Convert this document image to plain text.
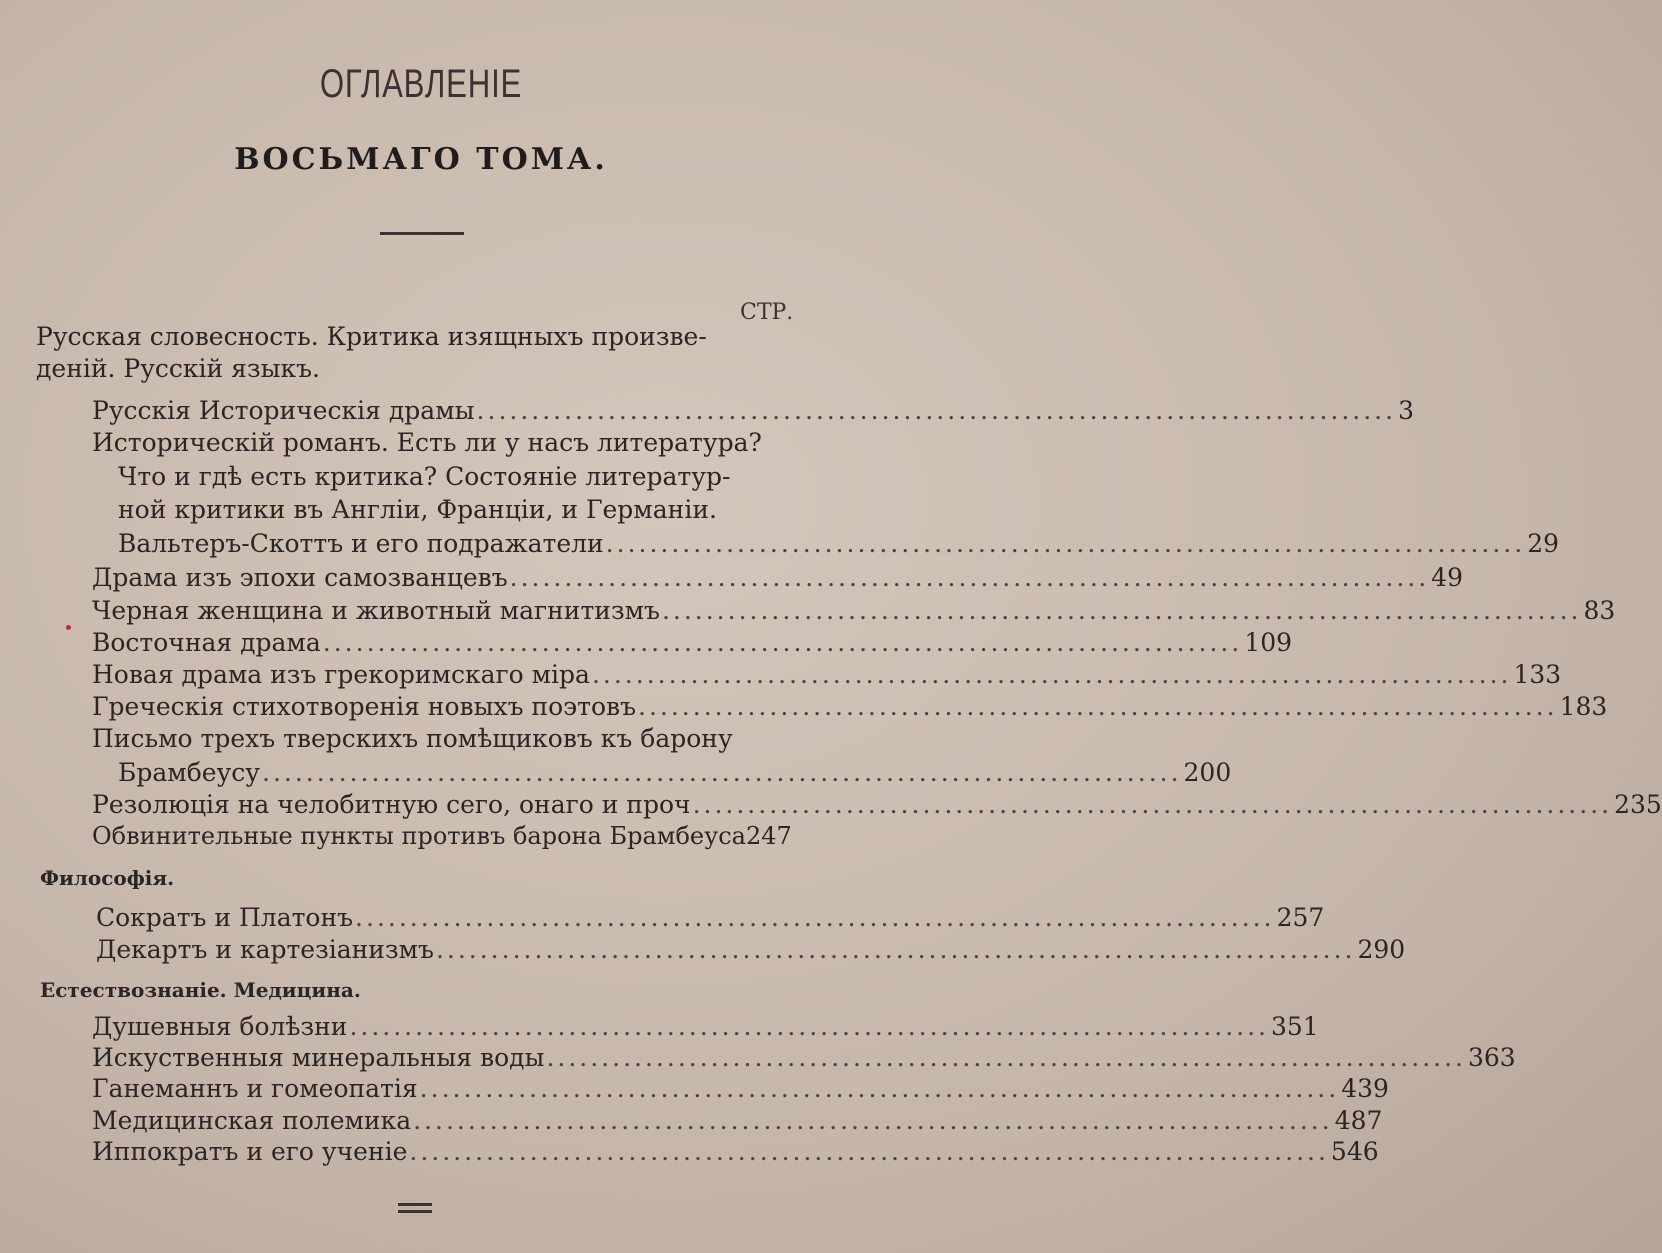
ОГЛАВЛЕНІЕ
ВОСЬМАГО ТОМА.
СТР.
Русская словесность. Критика изящныхъ произве-
деній. Русскій языкъ.
Русскія Историческія драмы .................................................................................... 3
Историческій романъ. Есть ли у насъ литература?
Что и гдѣ есть критика? Состояніе литератур-
ной критики въ Англіи, Франціи, и Германіи.
Вальтеръ-Скоттъ и его подражатели .................................................................................... 29
Драма изъ эпохи самозванцевъ .................................................................................... 49
Черная женщина и животный магнитизмъ .................................................................................... 83
Восточная драма .................................................................................... 109
Новая драма изъ грекоримскаго міра .................................................................................... 133
Греческія стихотворенія новыхъ поэтовъ .................................................................................... 183
Письмо трехъ тверскихъ помѣщиковъ къ барону
Брамбеусу .................................................................................... 200
Резолюція на челобитную сего, онаго и проч .................................................................................... 235
Обвинительные пункты противъ барона Брамбеуса 247
Философія.
Сократъ и Платонъ .................................................................................... 257
Декартъ и картезіанизмъ .................................................................................... 290
Естествознаніе. Медицина.
Душевныя болѣзни .................................................................................... 351
Искуственныя минеральныя воды .................................................................................... 363
Ганеманнъ и гомеопатія .................................................................................... 439
Медицинская полемика .................................................................................... 487
Иппократъ и его ученіе .................................................................................... 546
